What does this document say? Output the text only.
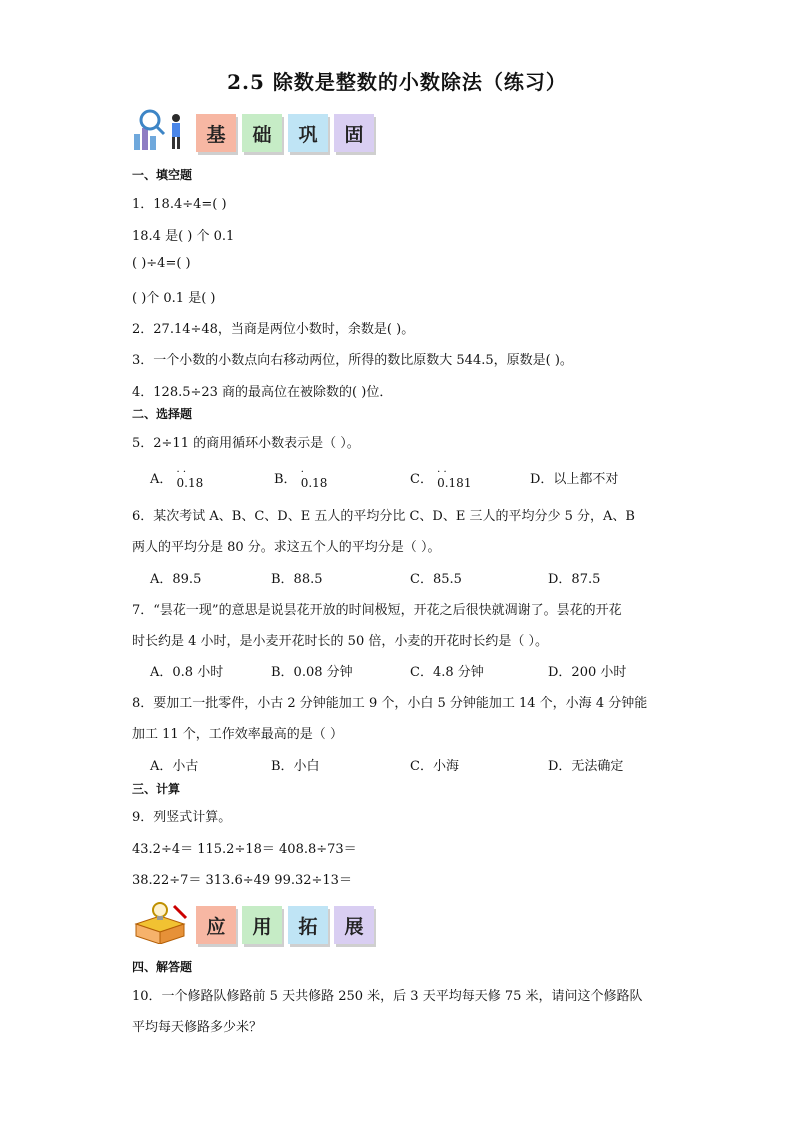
2.5 除数是整数的小数除法（练习）
基	础	巩	固
一、填空题
1．18.4÷4=( )
18.4 是( ) 个 0.1
( )÷4=( )
( )个 0.1 是( )
2．27.14÷48，当商是两位小数时，余数是( )。
3．一个小数的小数点向右移动两位，所得的数比原数大 544.5，原数是( )。
4．128.5÷23 商的最高位在被除数的( )位．
二、选择题
5．2÷11 的商用循环小数表示是（ ）。
A． · ·
0.18	B． ·
0.18	C． · ·
0.181	D．以上都不对
6．某次考试 A、B、C、D、E 五人的平均分比 C、D、E 三人的平均分少 5 分，A、B
两人的平均分是 80 分。求这五个人的平均分是（ ）。
A．89.5	B．88.5	C．85.5	D．87.5
7．“昙花一现”的意思是说昙花开放的时间极短，开花之后很快就凋谢了。昙花的开花
时长约是 4 小时，是小麦开花时长的 50 倍，小麦的开花时长约是（ ）。
A．0.8 小时	B．0.08 分钟	C．4.8 分钟	D．200 小时
8．要加工一批零件，小古 2 分钟能加工 9 个，小白 5 分钟能加工 14 个，小海 4 分钟能
加工 11 个，工作效率最高的是（ ）
A．小古	B．小白	C．小海	D．无法确定
三、计算
9．列竖式计算。
43.2÷4＝ 115.2÷18＝ 408.8÷73＝
38.22÷7＝ 313.6÷49 99.32÷13＝
应	用	拓	展
四、解答题
10．一个修路队修路前 5 天共修路 250 米，后 3 天平均每天修 75 米，请问这个修路队
平均每天修路多少米？
